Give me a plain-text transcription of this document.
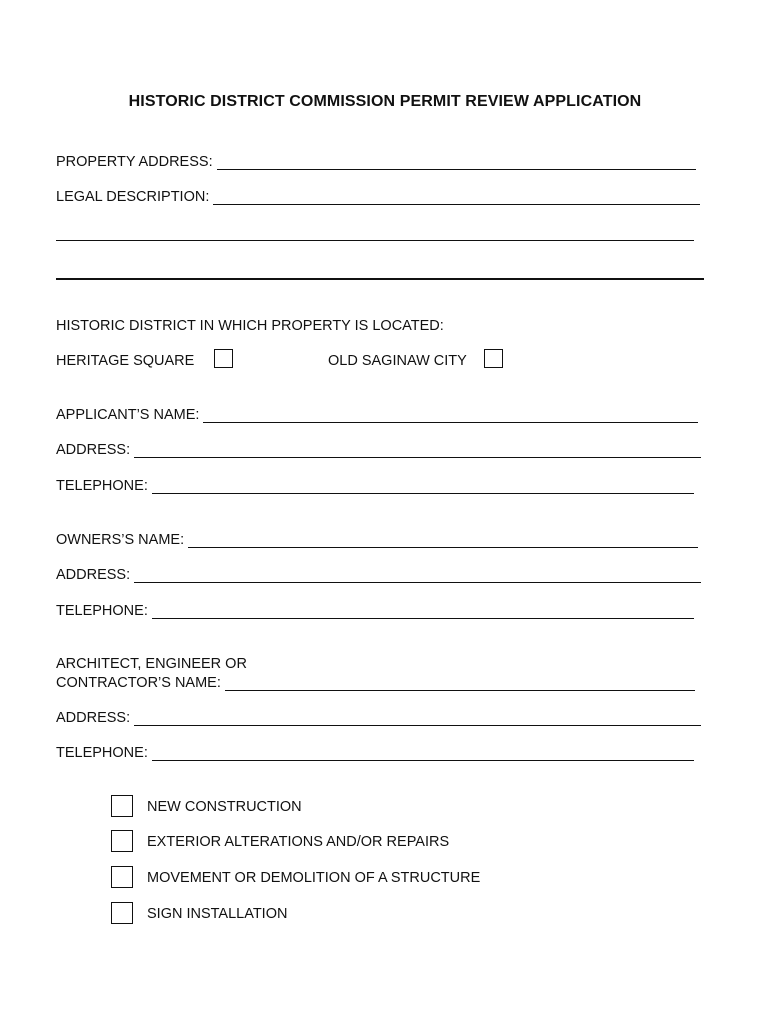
HISTORIC DISTRICT COMMISSION PERMIT REVIEW APPLICATION
PROPERTY ADDRESS:
LEGAL DESCRIPTION:
HISTORIC DISTRICT IN WHICH PROPERTY IS LOCATED:
HERITAGE SQUARE	OLD SAGINAW CITY
APPLICANT’S NAME:
ADDRESS:
TELEPHONE:
OWNERS’S NAME:
ADDRESS:
TELEPHONE:
ARCHITECT, ENGINEER OR
CONTRACTOR’S NAME:
ADDRESS:
TELEPHONE:
NEW CONSTRUCTION
EXTERIOR ALTERATIONS AND/OR REPAIRS
MOVEMENT OR DEMOLITION OF A STRUCTURE
SIGN INSTALLATION
